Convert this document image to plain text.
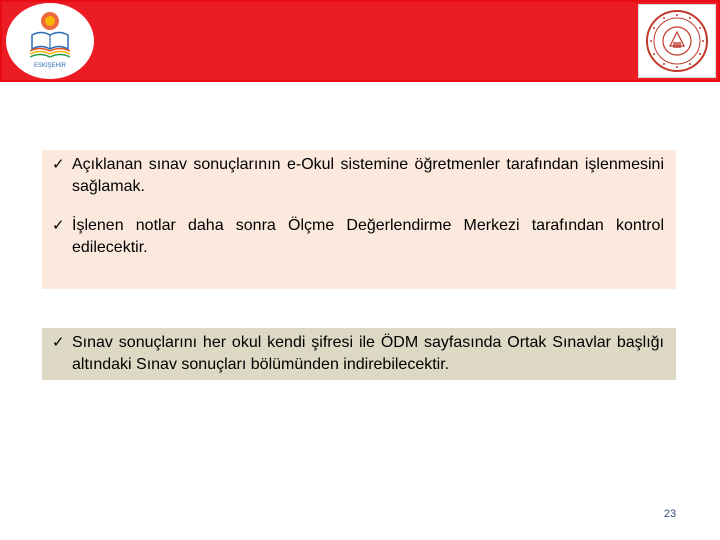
ESKİŞEHİR
✓ Açıklanan sınav sonuçlarının e-Okul sistemine öğretmenler tarafından işlenmesini sağlamak.
✓ İşlenen notlar daha sonra Ölçme Değerlendirme Merkezi tarafından kontrol edilecektir.
✓ Sınav sonuçlarını her okul kendi şifresi ile ÖDM sayfasında Ortak Sınavlar başlığı altındaki Sınav sonuçları bölümünden indirebilecektir.
23
